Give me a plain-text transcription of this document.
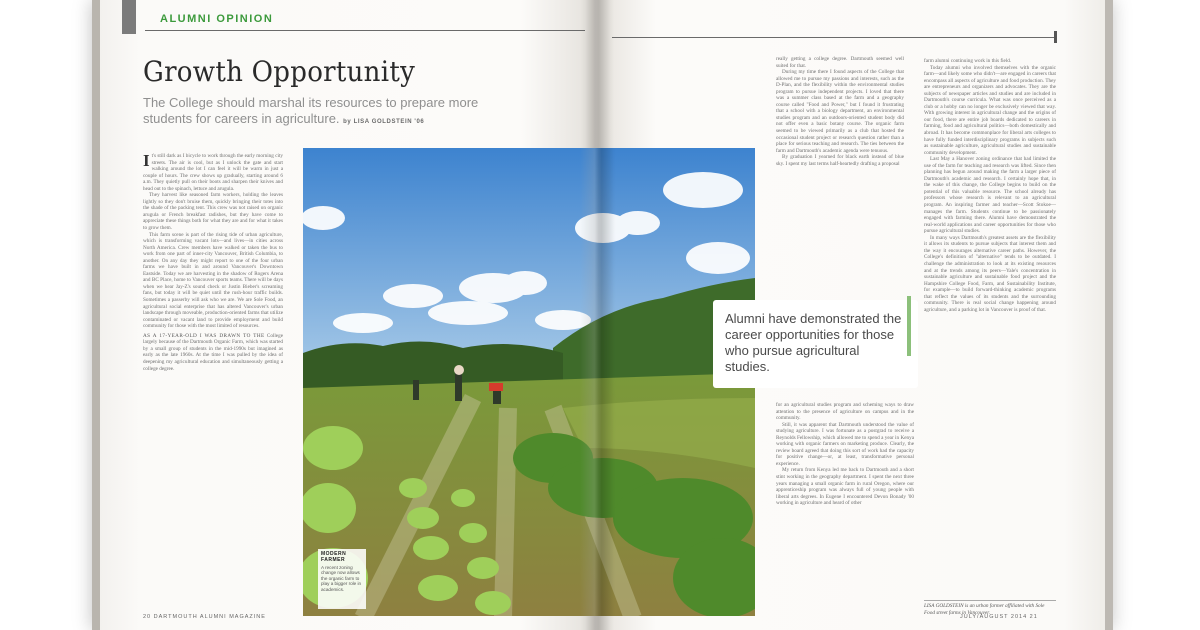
ALUMNI OPINION
Growth Opportunity
The College should marshal its resources to prepare more students for careers in agriculture. by LISA GOLDSTEIN '06

It's still dark as I bicycle to work through the early morning city streets. The air is cool, but as I unlock the gate and start walking around the lot I can feel it will be warm in just a couple of hours. The crew shows up gradually, starting around 6 a.m. They quietly pull on their boots and sharpen their knives and head out to the spinach, lettuce and arugula.

They harvest like seasoned farm workers, holding the leaves lightly so they don't bruise them, quickly bringing their totes into the shade of the packing tent. This crew was not raised on organic arugula or French breakfast radishes, but they have come to appreciate these things both for what they are and for what it takes to grow them.

This farm scene is part of the rising tide of urban agriculture, which is transforming vacant lots—and lives—in cities across North America. Crew members have walked or taken the bus to work from one part of inner-city Vancouver, British Columbia, to another. On any day they might report to one of the four urban farms we have built in and around Vancouver's Downtown Eastside. Today we are harvesting in the shadow of Rogers Arena and BC Place, home to Vancouver sports teams. There will be days when we hear Jay-Z's sound check or Justin Bieber's screaming fans, but today it will be quiet until the rush-hour traffic builds. Sometimes a passerby will ask who we are. We are Sole Food, an agricultural social enterprise that has altered Vancouver's urban landscape through moveable, production-oriented farms that utilize contaminated or vacant land to provide employment and build community for those with the most limited of resources.

AS A 17-YEAR-OLD I WAS DRAWN TO THE College largely because of the Dartmouth Organic Farm, which was started by a small group of students in the mid-1990s but imagined as early as the late 1960s. At the time I was pulled by the idea of deepening my agricultural education and simultaneously getting a college degree.

MODERN FARMER
A recent zoning change now allows the organic farm to play a bigger role in academics.
Alumni have demonstrated the career opportunities for those who pursue agricultural studies.

really getting a college degree. Dartmouth seemed well suited for that.

During my time there I found aspects of the College that allowed me to pursue my passions and interests, such as the D-Plan, and the flexibility within the environmental studies program to pursue independent projects. I loved that there was a summer class based at the farm and a geography course called "Food and Power," but I found it frustrating that a school with a biology department, an environmental studies program and an outdoors-oriented student body did not offer even a basic botany course. The organic farm seemed to be viewed primarily as a club that hosted the occasional student project or research question rather than a place for serious teaching and research. The ties between the farm and Dartmouth's academic agenda were tenuous.

By graduation I yearned for black earth instead of blue sky. I spent my last terms half-heartedly drafting a proposal

for an agricultural studies program and scheming ways to draw attention to the presence of agriculture on campus and in the community.

Still, it was apparent that Dartmouth understood the value of studying agriculture. I was fortunate as a postgrad to receive a Reynolds Fellowship, which allowed me to spend a year in Kenya working with organic farmers on marketing produce. Clearly, the review board agreed that doing this sort of work had the capacity for positive change—or, at least, transformative personal experience.

My return from Kenya led me back to Dartmouth and a short stint working in the geography department. I spent the next three years managing a small organic farm in rural Oregon, where our apprenticeship program was always full of young people with liberal arts degrees. In Eugene I encountered Devon Bonady '00 working in agriculture and heard of other

farm alumni continuing work in this field.

Today alumni who involved themselves with the organic farm—and likely some who didn't—are engaged in careers that encompass all aspects of agriculture and food production. They are entrepreneurs and organizers and advocates. They are the subjects of newspaper articles and studies and are included in Dartmouth's course curricula. What was once perceived as a club or a hobby can no longer be exclusively viewed that way. With growing interest in agricultural change and the origins of our food, there are entire job boards dedicated to careers in farming, food and agricultural politics—both domestically and abroad. It has become commonplace for liberal arts colleges to have fully funded interdisciplinary programs in subjects such as sustainable agriculture, agricultural studies and sustainable community development.

Last May a Hanover zoning ordinance that had limited the use of the farm for teaching and research was lifted. Since then planning has begun around making the farm a larger piece of Dartmouth's academic and research. I certainly hope that, in the wake of this change, the College begins to build on the potential of this valuable resource. The school already has professors whose research is relevant to an agricultural program. An inspiring farmer and teacher—Scott Stokoe—manages the farm. Students continue to be passionately engaged with farming there. Alumni have demonstrated the real-world applications and career opportunities for those who pursue agricultural studies.

In many ways Dartmouth's greatest assets are the flexibility it allows its students to pursue subjects that interest them and the way it encourages alternative career paths. However, the College's definition of "alternative" tends to be outdated. I challenge the administration to look at its existing resources and at the trends among its peers—Yale's concentration in sustainable agriculture and sustainable food project and the Hampshire College Food, Farm, and Sustainability Institute, for example—to build forward-thinking academic programs that reflect the values of its students and the surrounding community. There is real social change happening around agriculture, and a parking lot in Vancouver is proof of that.

LISA GOLDSTEIN is an urban farmer affiliated with Sole Food street farms in Vancouver.
20 DARTMOUTH ALUMNI MAGAZINE	JULY/AUGUST 2014 21
